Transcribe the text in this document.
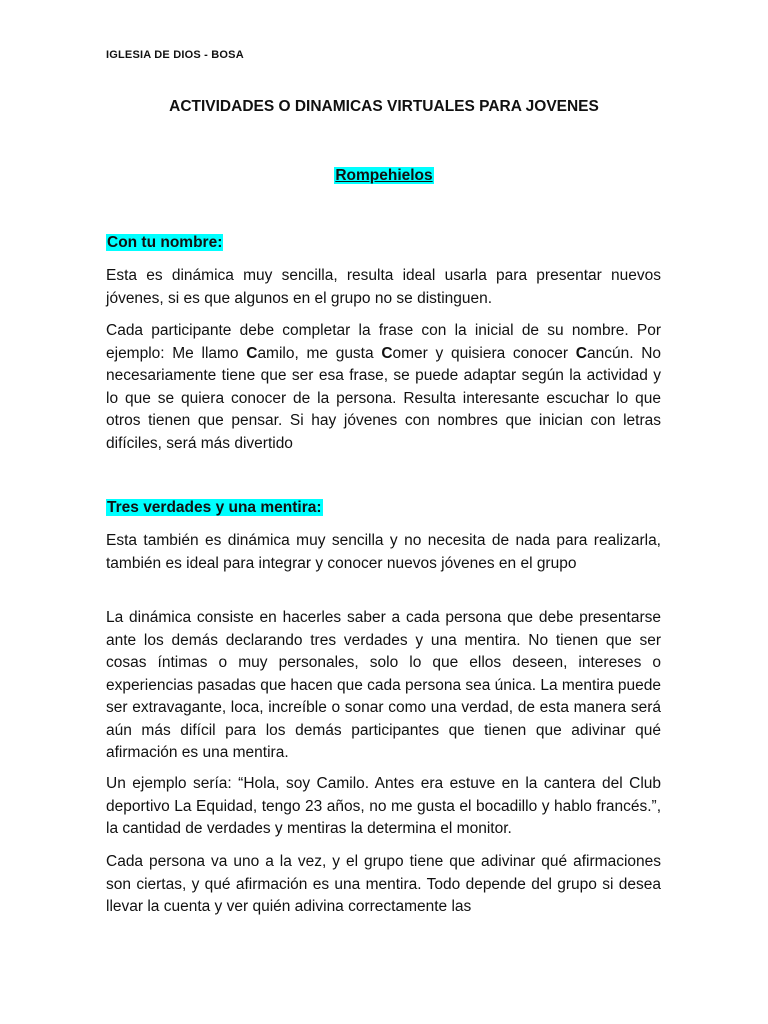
IGLESIA DE DIOS - BOSA
ACTIVIDADES O DINAMICAS VIRTUALES PARA JOVENES
Rompehielos
Con tu nombre:

Esta es dinámica muy sencilla, resulta ideal usarla para presentar nuevos jóvenes, si es que algunos en el grupo no se distinguen.

Cada participante debe completar la frase con la inicial de su nombre. Por ejemplo: Me llamo Camilo, me gusta Comer y quisiera conocer Cancún. No necesariamente tiene que ser esa frase, se puede adaptar según la actividad y lo que se quiera conocer de la persona. Resulta interesante escuchar lo que otros tienen que pensar. Si hay jóvenes con nombres que inician con letras difíciles, será más divertido

Tres verdades y una mentira:

Esta también es dinámica muy sencilla y no necesita de nada para realizarla, también es ideal para integrar y conocer nuevos jóvenes en el grupo

La dinámica consiste en hacerles saber a cada persona que debe presentarse ante los demás declarando tres verdades y una mentira. No tienen que ser cosas íntimas o muy personales, solo lo que ellos deseen, intereses o experiencias pasadas que hacen que cada persona sea única. La mentira puede ser extravagante, loca, increíble o sonar como una verdad, de esta manera será aún más difícil para los demás participantes que tienen que adivinar qué afirmación es una mentira.

Un ejemplo sería: “Hola, soy Camilo. Antes era estuve en la cantera del Club deportivo La Equidad, tengo 23 años, no me gusta el bocadillo y hablo francés.”, la cantidad de verdades y mentiras la determina el monitor.

Cada persona va uno a la vez, y el grupo tiene que adivinar qué afirmaciones son ciertas, y qué afirmación es una mentira. Todo depende del grupo si desea llevar la cuenta y ver quién adivina correctamente las
